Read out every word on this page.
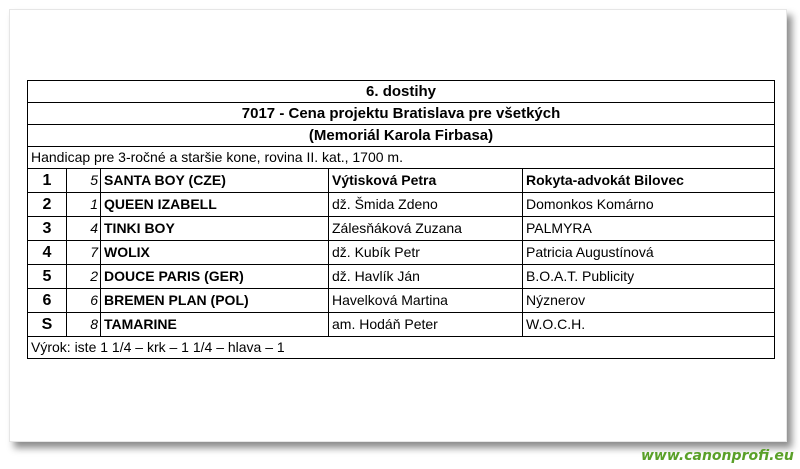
6. dostihy				
7017 - Cena projektu Bratislava pre všetkých				
(Memoriál Karola Firbasa)				
Handicap pre 3-ročné a staršie kone, rovina II. kat., 1700 m.				
1	5	SANTA BOY (CZE)	Výtisková Petra	Rokyta-advokát Bilovec
2	1	QUEEN IZABELL	dž. Šmida Zdeno	Domonkos Komárno
3	4	TINKI BOY	Zálesňáková Zuzana	PALMYRA
4	7	WOLIX	dž. Kubík Petr	Patricia Augustínová
5	2	DOUCE PARIS (GER)	dž. Havlík Ján	B.O.A.T. Publicity
6	6	BREMEN PLAN (POL)	Havelková Martina	Nýznerov
S	8	TAMARINE	am. Hodáň Peter	W.O.C.H.
Výrok: iste 1 1/4 – krk – 1 1/4 – hlava – 1				
www.canonprofi.eu
